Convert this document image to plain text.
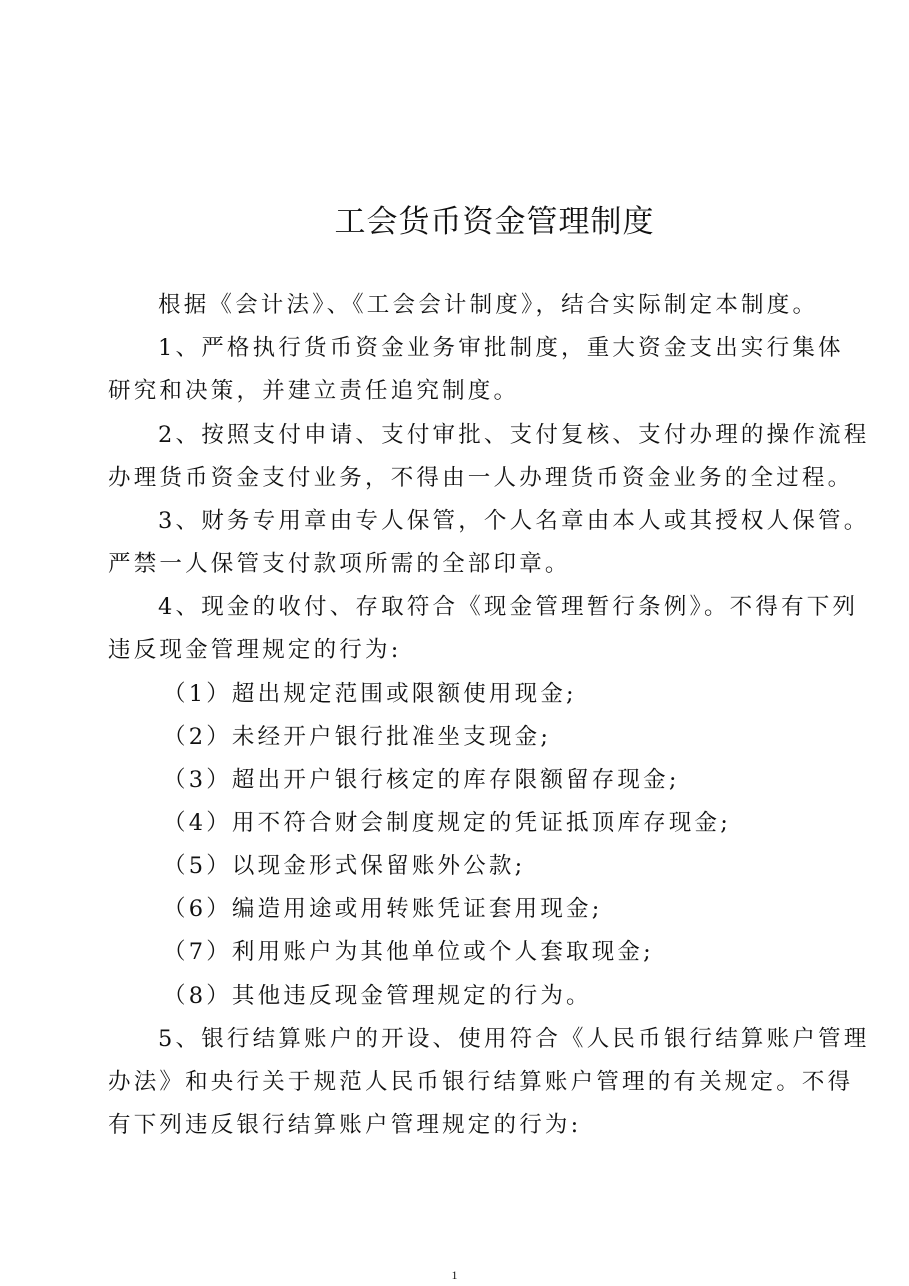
工会货币资金管理制度
根据《会计法》、《工会会计制度》，结合实际制定本制度。
1、严格执行货币资金业务审批制度，重大资金支出实行集体
研究和决策，并建立责任追究制度。
2、按照支付申请、支付审批、支付复核、支付办理的操作流程
办理货币资金支付业务，不得由一人办理货币资金业务的全过程。
3、财务专用章由专人保管，个人名章由本人或其授权人保管。
严禁一人保管支付款项所需的全部印章。
4、现金的收付、存取符合《现金管理暂行条例》。不得有下列
违反现金管理规定的行为:
（1）超出规定范围或限额使用现金;
（2）未经开户银行批准坐支现金;
（3）超出开户银行核定的库存限额留存现金;
（4）用不符合财会制度规定的凭证抵顶库存现金;
（5）以现金形式保留账外公款;
（6）编造用途或用转账凭证套用现金;
（7）利用账户为其他单位或个人套取现金;
（8）其他违反现金管理规定的行为。
5、银行结算账户的开设、使用符合《人民币银行结算账户管理
办法》和央行关于规范人民币银行结算账户管理的有关规定。不得
有下列违反银行结算账户管理规定的行为:
1
